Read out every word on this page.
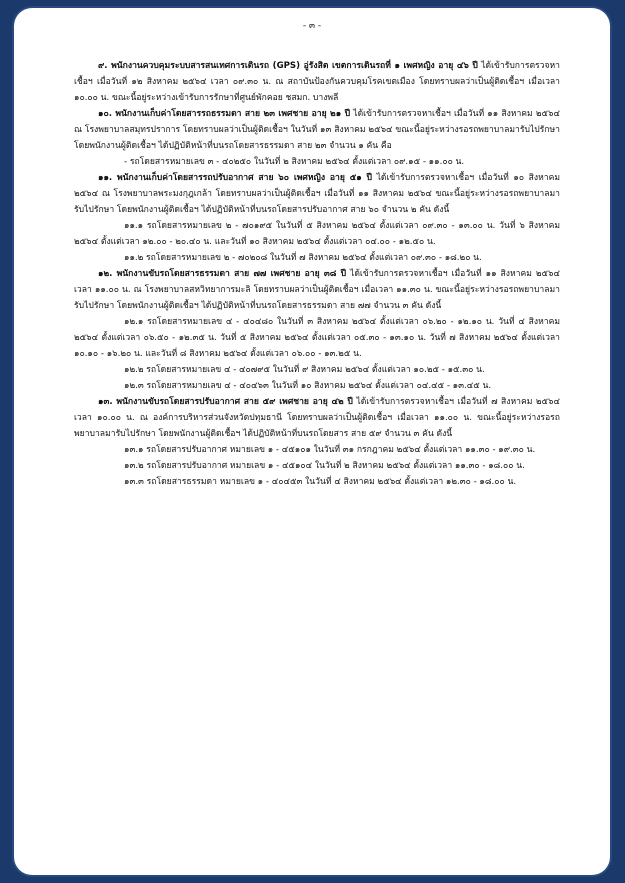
- ๓ -

๙. พนักงานควบคุมระบบสารสนเทศการเดินรถ (GPS) อู่รังสิต เขตการเดินรถที่ ๑ เพศหญิง อายุ ๔๖ ปี ได้เข้ารับการตรวจหาเชื้อฯ เมื่อวันที่ ๑๒ สิงหาคม ๒๕๖๔ เวลา ๐๙.๓๐ น. ณ สถาบันป้องกันควบคุมโรคเขตเมือง โดยทราบผลว่าเป็นผู้ติดเชื้อฯ เมื่อเวลา ๑๐.๐๐ น. ขณะนี้อยู่ระหว่างเข้ารับการรักษาที่ศูนย์พักคอย ชสมก. บางพลี

๑๐. พนักงานเก็บค่าโดยสารรถธรรมดา สาย ๒๓ เพศชาย อายุ ๒๑ ปี ได้เข้ารับการตรวจหาเชื้อฯ เมื่อวันที่ ๑๑ สิงหาคม ๒๕๖๔ ณ โรงพยาบาลสมุทรปราการ โดยทราบผลว่าเป็นผู้ติดเชื้อฯ ในวันที่ ๑๓ สิงหาคม ๒๕๖๔ ขณะนี้อยู่ระหว่างรอรถพยาบาลมารับไปรักษา โดยพนักงานผู้ติดเชื้อฯ ได้ปฏิบัติหน้าที่บนรถโดยสารธรรมดา สาย ๒๓ จำนวน ๑ คัน คือ

- รถโดยสารหมายเลข ๓ - ๔๐๒๕๐ ในวันที่ ๒ สิงหาคม ๒๕๖๔ ตั้งแต่เวลา ๐๙.๑๕ - ๑๑.๐๐ น.

๑๑. พนักงานเก็บค่าโดยสารรถปรับอากาศ สาย ๖๐ เพศหญิง อายุ ๕๑ ปี ได้เข้ารับการตรวจหาเชื้อฯ เมื่อวันที่ ๑๐ สิงหาคม ๒๕๖๔ ณ โรงพยาบาลพระมงกุฎเกล้า โดยทราบผลว่าเป็นผู้ติดเชื้อฯ เมื่อวันที่ ๑๑ สิงหาคม ๒๕๖๔ ขณะนี้อยู่ระหว่างรอรถพยาบาลมารับไปรักษา โดยพนักงานผู้ติดเชื้อฯ ได้ปฏิบัติหน้าที่บนรถโดยสารปรับอากาศ สาย ๖๐ จำนวน ๒ คัน ดังนี้

๑๑.๑ รถโดยสารหมายเลข ๒ - ๗๐๑๙๕ ในวันที่ ๕ สิงหาคม ๒๕๖๔ ตั้งแต่เวลา ๐๙.๓๐ - ๑๓.๐๐ น. วันที่ ๖ สิงหาคม ๒๕๖๔ ตั้งแต่เวลา ๑๒.๐๐ - ๒๐.๔๐ น. และวันที่ ๑๐ สิงหาคม ๒๕๖๔ ตั้งแต่เวลา ๐๔.๐๐ - ๑๒.๕๐ น.

๑๑.๒ รถโดยสารหมายเลข ๒ - ๗๐๒๐๘ ในวันที่ ๗ สิงหาคม ๒๕๖๔ ตั้งแต่เวลา ๐๙.๓๐ - ๑๘.๒๐ น.

๑๒. พนักงานขับรถโดยสารธรรมดา สาย ๗๗ เพศชาย อายุ ๓๘ ปี ได้เข้ารับการตรวจหาเชื้อฯ เมื่อวันที่ ๑๑ สิงหาคม ๒๕๖๔ เวลา ๑๑.๐๐ น. ณ โรงพยาบาลสหวิทยาการมะลิ โดยทราบผลว่าเป็นผู้ติดเชื้อฯ เมื่อเวลา ๑๑.๓๐ น. ขณะนี้อยู่ระหว่างรอรถพยาบาลมารับไปรักษา โดยพนักงานผู้ติดเชื้อฯ ได้ปฏิบัติหน้าที่บนรถโดยสารธรรมดา สาย ๗๗ จำนวน ๓ คัน ดังนี้

๑๒.๑ รถโดยสารหมายเลข ๔ - ๔๐๔๘๐ ในวันที่ ๓ สิงหาคม ๒๕๖๔ ตั้งแต่เวลา ๐๖.๒๐ - ๑๒.๑๐ น. วันที่ ๔ สิงหาคม ๒๕๖๔ ตั้งแต่เวลา ๐๖.๕๐ - ๑๒.๓๕ น. วันที่ ๕ สิงหาคม ๒๕๖๔ ตั้งแต่เวลา ๐๕.๓๐ - ๑๓.๑๐ น. วันที่ ๗ สิงหาคม ๒๕๖๔ ตั้งแต่เวลา ๑๐.๑๐ - ๑๖.๒๐ น. และวันที่ ๘ สิงหาคม ๒๕๖๔ ตั้งแต่เวลา ๐๖.๐๐ - ๑๓.๒๕ น.

๑๒.๒ รถโดยสารหมายเลข ๔ - ๔๐๗๙๕ ในวันที่ ๙ สิงหาคม ๒๕๖๔ ตั้งแต่เวลา ๑๐.๒๕ - ๑๕.๓๐ น.

๑๒.๓ รถโดยสารหมายเลข ๔ - ๔๐๔๖๓ ในวันที่ ๑๐ สิงหาคม ๒๕๖๔ ตั้งแต่เวลา ๐๔.๔๕ - ๑๓.๔๕ น.

๑๓. พนักงานขับรถโดยสารปรับอากาศ สาย ๕๙ เพศชาย อายุ ๔๒ ปี ได้เข้ารับการตรวจหาเชื้อฯ เมื่อวันที่ ๗ สิงหาคม ๒๕๖๔ เวลา ๑๐.๐๐ น. ณ องค์การบริหารส่วนจังหวัดปทุมธานี โดยทราบผลว่าเป็นผู้ติดเชื้อฯ เมื่อเวลา ๑๑.๐๐ น. ขณะนี้อยู่ระหว่างรอรถพยาบาลมารับไปรักษา โดยพนักงานผู้ติดเชื้อฯ ได้ปฏิบัติหน้าที่บนรถโดยสาร สาย ๕๙ จำนวน ๓ คัน ดังนี้

๑๓.๑ รถโดยสารปรับอากาศ หมายเลข ๑ - ๔๕๑๐๑ ในวันที่ ๓๑ กรกฎาคม ๒๕๖๔ ตั้งแต่เวลา ๑๑.๓๐ - ๑๙.๓๐ น.

๑๓.๒ รถโดยสารปรับอากาศ หมายเลข ๑ - ๔๕๑๐๔ ในวันที่ ๒ สิงหาคม ๒๕๖๔ ตั้งแต่เวลา ๑๑.๓๐ - ๑๘.๐๐ น.

๑๓.๓ รถโดยสารธรรมดา หมายเลข ๑ - ๔๐๔๕๓ ในวันที่ ๔ สิงหาคม ๒๕๖๔ ตั้งแต่เวลา ๑๒.๓๐ - ๑๘.๐๐ น.
